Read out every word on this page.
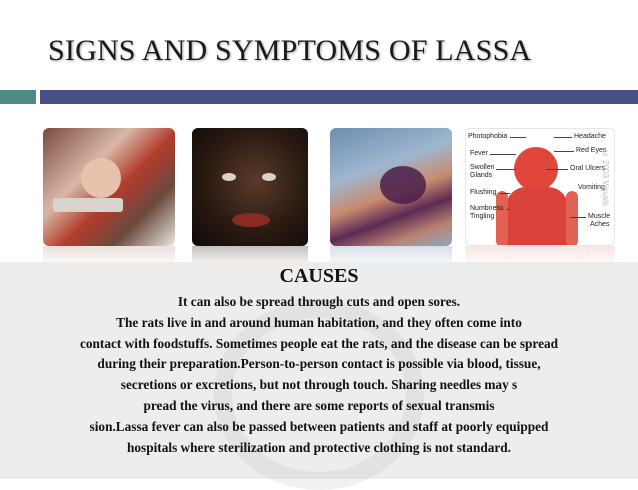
SIGNS AND SYMPTOMS OF LASSA
Photophobia	Headache
Fever	Red Eyes
Swollen
Glands
Oral Ulcers
Vomiting
Flushing
Numbness
Tingling	Muscle
Aches
© 2003 Visuals
CAUSES
It can also be spread through cuts and open sores.
The rats live in and around human habitation, and they often come into
contact with foodstuffs. Sometimes people eat the rats, and the disease can be spread
during their preparation.Person-to-person contact is possible via blood, tissue,
secretions or excretions, but not through touch. Sharing needles may s
pread the virus, and there are some reports of sexual transmis
sion.Lassa fever can also be passed between patients and staff at poorly equipped
hospitals where sterilization and protective clothing is not standard.
